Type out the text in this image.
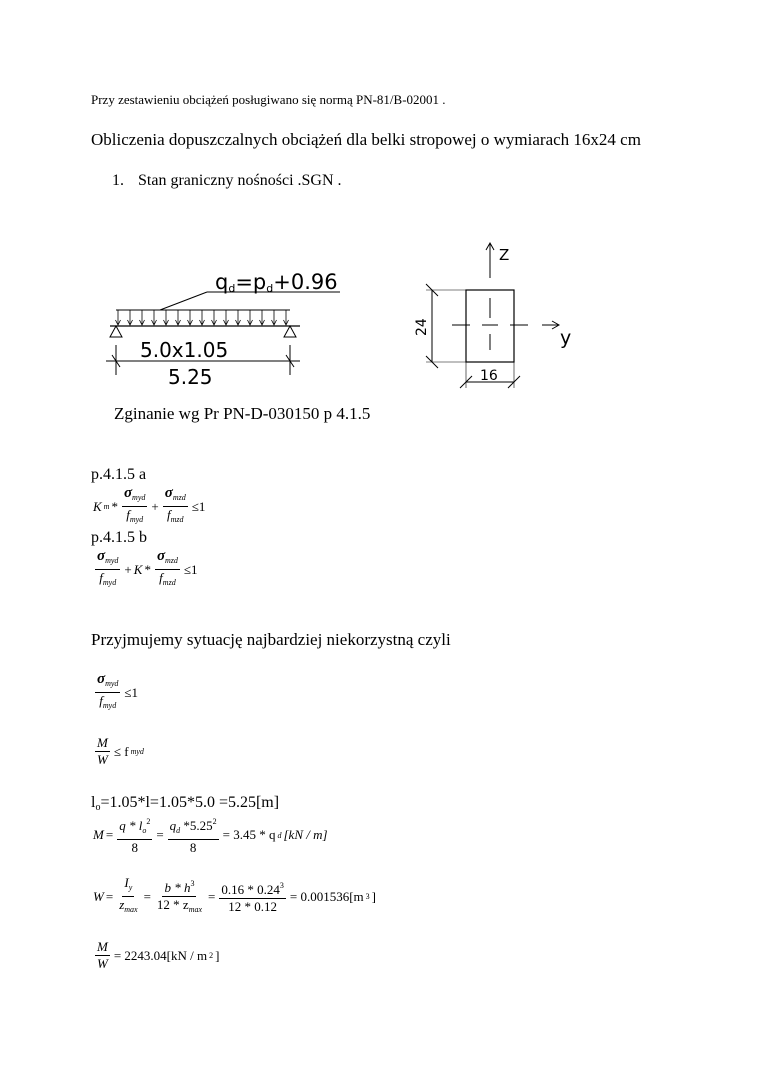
Przy zestawieniu obciążeń posługiwano się normą PN-81/B-02001 .
Obliczenia dopuszczalnych obciążeń dla belki stropowej o wymiarach 16x24 cm
1. Stan graniczny nośności .SGN .
qd=pd+0.96
5.0x1.05
5.25
Z
y
24
16
Zginanie wg Pr PN-D-030150 p 4.1.5
p.4.1.5 a
K $m * \frac{\sigma_{myd}}{f_{myd}} + \frac{\sigma_{mzd}}{f_{mzd}} \le 1$
p.4.1.5 b
$\frac{\sigma_{myd}}{f_{myd}} + K * \frac{\sigma_{mzd}}{f_{mzd}} \le 1$
Przyjmujemy sytuację najbardziej niekorzystną czyli
$\frac{\sigma_{myd}}{f_{myd}} \le 1$
$\frac{M}{W} \le f$ myd
lo=1.05*l=1.05*5.0 =5.25[m]
$M = \frac{q * l_o^2}{8} = \frac{q_d *5.25^2}{8} = 3.45 * q$ d [kN / m]
$W = \frac{I_y}{z_{max}} = \frac{b * h^3}{12 * z_{max}} = \frac{0.16 * 0.24^3}{12 * 0.12} = 0.001536[m$ 3 ]
$\frac{M}{W} = 2243.04[kN / m$ 2 ]
